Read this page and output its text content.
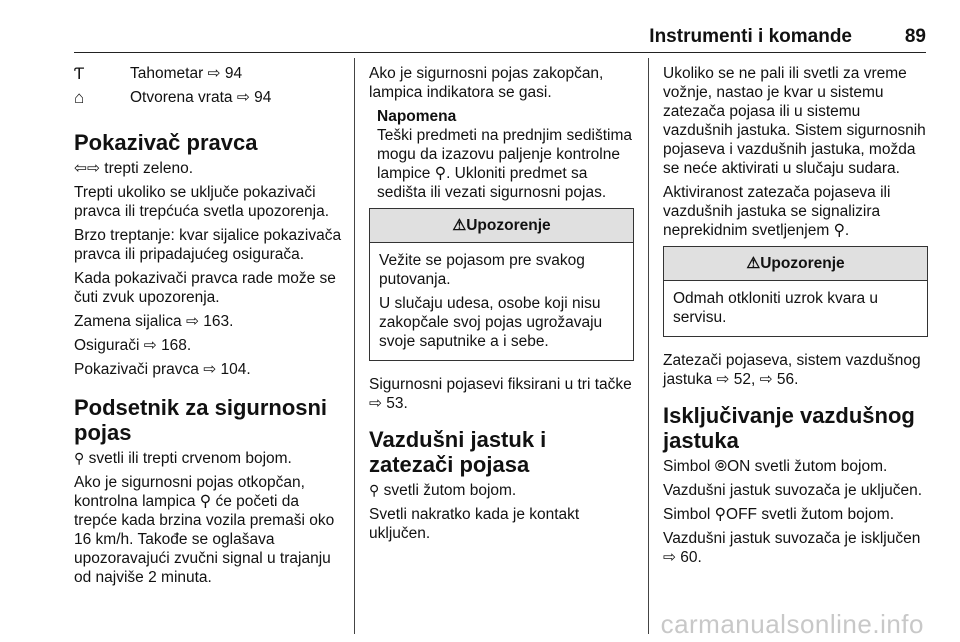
Instrumenti i komande	89
Ƭ	Tahometar ⇨ 94
⌂	Otvorena vrata ⇨ 94
Pokazivač pravca

⇦⇨ trepti zeleno.

Trepti ukoliko se uključe pokazivači pravca ili trepćuća svetla upozorenja.

Brzo treptanje: kvar sijalice pokazivača pravca ili pripadajućeg osigurača.

Kada pokazivači pravca rade može se čuti zvuk upozorenja.

Zamena sijalica ⇨ 163.

Osigurači ⇨ 168.

Pokazivači pravca ⇨ 104.

Podsetnik za sigurnosni pojas

⚲ svetli ili trepti crvenom bojom.

Ako je sigurnosni pojas otkopčan, kontrolna lampica ⚲ će početi da trepće kada brzina vozila premaši oko 16 km/h. Takođe se oglašava upozoravajući zvučni signal u trajanju od najviše 2 minuta.

Ako je sigurnosni pojas zakopčan, lampica indikatora se gasi.

Napomena
Teški predmeti na prednjim sedištima mogu da izazovu paljenje kontrolne lampice ⚲. Ukloniti predmet sa sedišta ili vezati sigurnosni pojas.
⚠Upozorenje

Vežite se pojasom pre svakog putovanja.

U slučaju udesa, osobe koji nisu zakopčale svoj pojas ugrožavaju svoje saputnike a i sebe.

Sigurnosni pojasevi fiksirani u tri tačke ⇨ 53.

Vazdušni jastuk i zatezači pojasa

⚲ svetli žutom bojom.

Svetli nakratko kada je kontakt uključen.

Ukoliko se ne pali ili svetli za vreme vožnje, nastao je kvar u sistemu zatezača pojasa ili u sistemu vazdušnih jastuka. Sistem sigurnosnih pojaseva i vazdušnih jastuka, možda se neće aktivirati u slučaju sudara.

Aktiviranost zatezača pojaseva ili vazdušnih jastuka se signalizira neprekidnim svetljenjem ⚲.

⚠Upozorenje

Odmah otkloniti uzrok kvara u servisu.

Zatezači pojaseva, sistem vazdušnog jastuka ⇨ 52, ⇨ 56.

Isključivanje vazdušnog jastuka

Simbol ⦾ON svetli žutom bojom.

Vazdušni jastuk suvozača je uključen.

Simbol ⚲OFF svetli žutom bojom.

Vazdušni jastuk suvozača je isključen ⇨ 60.

carmanualsonline.info
